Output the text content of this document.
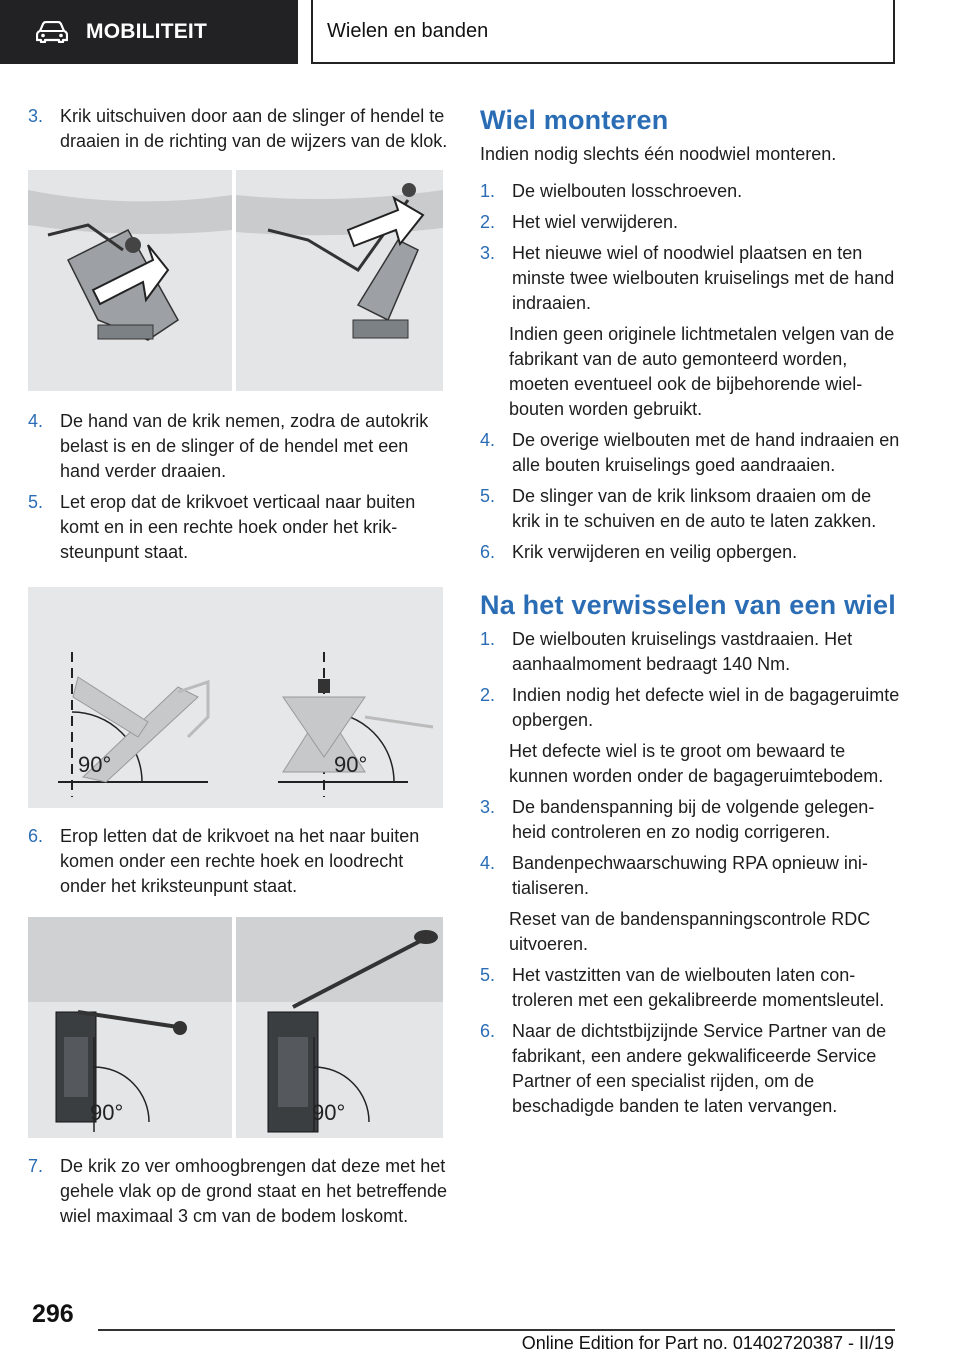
MOBILITEIT	Wielen en banden
3. Krik uitschuiven door aan de slinger of hendel te draaien in de richting van de wijzers van de klok.
4. De hand van de krik nemen, zodra de autokrik belast is en de slinger of de hendel met een hand verder draaien.
5. Let erop dat de krikvoet verticaal naar buiten komt en in een rechte hoek onder het kriksteunpunt staat.
90°	90°
6. Erop letten dat de krikvoet na het naar buiten komen onder een rechte hoek en loodrecht onder het kriksteunpunt staat.
90°	90°
7. De krik zo ver omhoogbrengen dat deze met het gehele vlak op de grond staat en het betreffende wiel maximaal 3 cm van de bodem loskomt.
Wiel monteren
Indien nodig slechts één noodwiel monteren.
1. De wielbouten losschroeven.
2. Het wiel verwijderen.
3. Het nieuwe wiel of noodwiel plaatsen en ten minste twee wielbouten kruiselings met de hand indraaien.
Indien geen originele lichtmetalen velgen van de fabrikant van de auto gemonteerd worden, moeten eventueel ook de bijbehorende wielbouten worden gebruikt.
4. De overige wielbouten met de hand indraaien en alle bouten kruiselings goed aandraaien.
5. De slinger van de krik linksom draaien om de krik in te schuiven en de auto te laten zakken.
6. Krik verwijderen en veilig opbergen.
Na het verwisselen van een wiel
1. De wielbouten kruiselings vastdraaien. Het aanhaalmoment bedraagt 140 Nm.
2. Indien nodig het defecte wiel in de bagageruimte opbergen.
Het defecte wiel is te groot om bewaard te kunnen worden onder de bagageruimtebodem.
3. De bandenspanning bij de volgende gelegenheid controleren en zo nodig corrigeren.
4. Bandenpechwaarschuwing RPA opnieuw initialiseren.
Reset van de bandenspanningscontrole RDC uitvoeren.
5. Het vastzitten van de wielbouten laten controleren met een gekalibreerde momentsleutel.
6. Naar de dichtstbijzijnde Service Partner van de fabrikant, een andere gekwalificeerde Service Partner of een specialist rijden, om de beschadigde banden te laten vervangen.
296
Online Edition for Part no. 01402720387 - II/19
